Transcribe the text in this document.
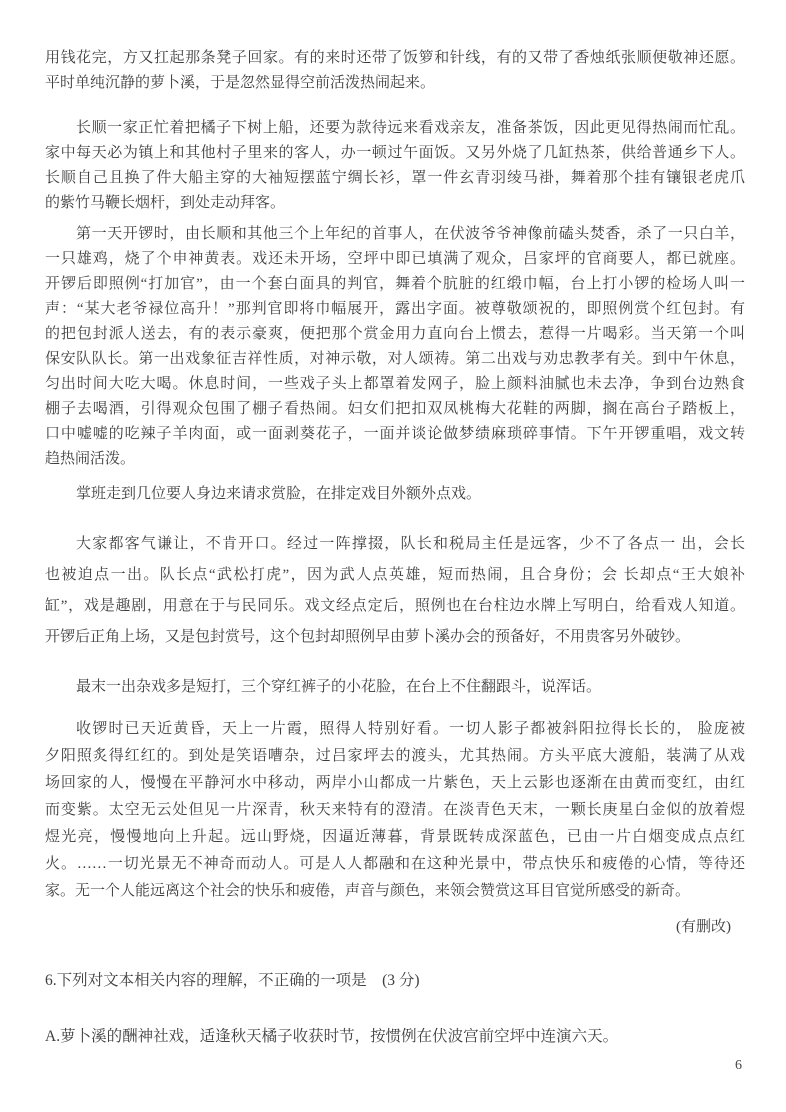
用钱花完，方又扛起那条凳子回家。有的来时还带了饭箩和针线，有的又带了香烛纸张顺便敬神还愿。
平时单纯沉静的萝卜溪，于是忽然显得空前活泼热闹起来。
长顺一家正忙着把橘子下树上船，还要为款待远来看戏亲友，准备茶饭，因此更见得热闹而忙乱。
家中每天必为镇上和其他村子里来的客人，办一顿过午面饭。又另外烧了几缸热茶，供给普通乡下人。
长顺自己且换了件大船主穿的大袖短摆蓝宁绸长衫，罩一件玄青羽绫马褂，舞着那个挂有镶银老虎爪
的紫竹马鞭长烟杆，到处走动拜客。
第一天开锣时，由长顺和其他三个上年纪的首事人，在伏波爷爷神像前磕头焚香，杀了一只白羊，
一只雄鸡，烧了个申神黄表。戏还未开场，空坪中即已填满了观众，吕家坪的官商要人，都已就座。
开锣后即照例“打加官”，由一个套白面具的判官，舞着个肮脏的红缎巾幅，台上打小锣的检场人叫一
声：“某大老爷禄位高升！”那判官即将巾幅展开，露出字面。被尊敬颂祝的，即照例赏个红包封。有
的把包封派人送去，有的表示豪爽，便把那个赏金用力直向台上惯去，惹得一片喝彩。当天第一个叫
保安队队长。第一出戏象征吉祥性质，对神示敬，对人颂祷。第二出戏与劝忠教孝有关。到中午休息，
匀出时间大吃大喝。休息时间，一些戏子头上都罩着发网子，脸上颜料油腻也未去净，争到台边熟食
棚子去喝酒，引得观众包围了棚子看热闹。妇女们把扣双凤桃梅大花鞋的两脚，搁在高台子踏板上，
口中嘘嘘的吃辣子羊肉面，或一面剥葵花子，一面并谈论做梦绩麻琐碎事情。下午开锣重唱，戏文转
趋热闹活泼。
掌班走到几位要人身边来请求赏脸，在排定戏目外额外点戏。
大家都客气谦让，不肯开口。经过一阵撑掇，队长和税局主任是远客，少不了各点一 出，会长
也被迫点一出。队长点“武松打虎”，因为武人点英雄，短而热闹，且合身份；会 长却点“王大娘补
缸”，戏是趣剧，用意在于与民同乐。戏文经点定后，照例也在台柱边水牌上写明白，给看戏人知道。
开锣后正角上场，又是包封赏号，这个包封却照例早由萝卜溪办会的预备好，不用贵客另外破钞。
最末一出杂戏多是短打，三个穿红裤子的小花脸，在台上不住翻跟斗，说浑话。
收锣时已天近黄昏，天上一片霞，照得人特别好看。一切人影子都被斜阳拉得长长的， 脸庞被
夕阳照炙得红红的。到处是笑语嘈杂，过吕家坪去的渡头，尤其热闹。方头平底大渡船，装满了从戏
场回家的人，慢慢在平静河水中移动，两岸小山都成一片紫色，天上云影也逐渐在由黄而变红，由红
而变紫。太空无云处但见一片深青，秋天来特有的澄清。在淡青色天末，一颗长庚星白金似的放着煜
煜光亮，慢慢地向上升起。远山野烧，因逼近薄暮，背景既转成深蓝色，已由一片白烟变成点点红
火。……一切光景无不神奇而动人。可是人人都融和在这种光景中，带点快乐和疲倦的心情，等待还
家。无一个人能远离这个社会的快乐和疲倦，声音与颜色，来领会赞赏这耳目官觉所感受的新奇。
(有删改)
6.下列对文本相关内容的理解，不正确的一项是　(3 分)
A.萝卜溪的酬神社戏，适逢秋天橘子收获时节，按惯例在伏波宫前空坪中连演六天。
6
